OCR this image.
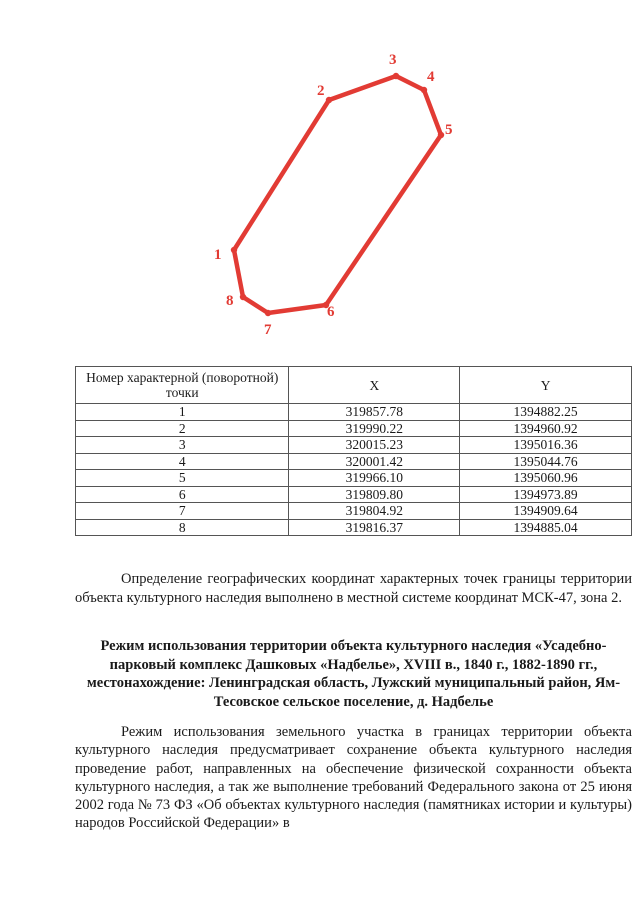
1
2
3
4
5
6
7
8
Номер характерной (поворотной) точки	X	Y
1	319857.78	1394882.25
2	319990.22	1394960.92
3	320015.23	1395016.36
4	320001.42	1395044.76
5	319966.10	1395060.96
6	319809.80	1394973.89
7	319804.92	1394909.64
8	319816.37	1394885.04

Определение географических координат характерных точек границы территории объекта культурного наследия выполнено в местной системе координат МСК-47, зона 2.

Режим использования территории объекта культурного наследия «Усадебно-парковый комплекс Дашковых «Надбелье», XVIII в., 1840 г., 1882-1890 гг., местонахождение: Ленинградская область, Лужский муниципальный район, Ям-Тесовское сельское поселение, д. Надбелье

Режим использования земельного участка в границах территории объекта культурного наследия предусматривает сохранение объекта культурного наследия проведение работ, направленных на обеспечение физической сохранности объекта культурного наследия, а так же выполнение требований Федерального закона от 25 июня 2002 года № 73 ФЗ «Об объектах культурного наследия (памятниках истории и культуры) народов Российской Федерации» в
